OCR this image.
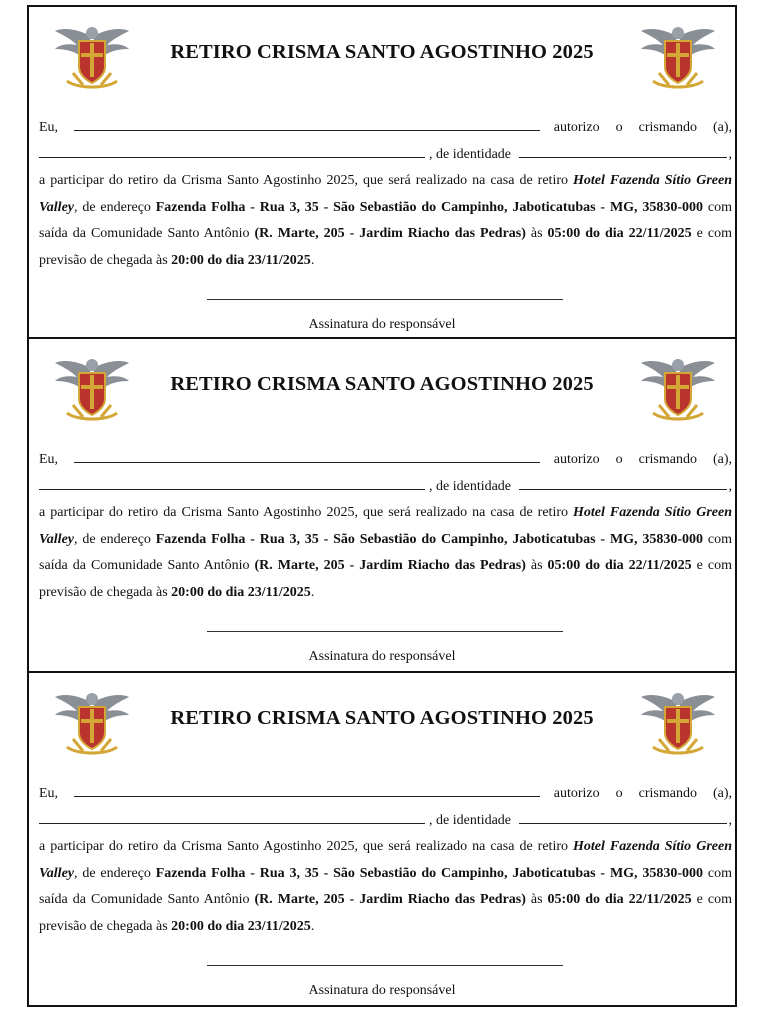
RETIRO CRISMA SANTO AGOSTINHO 2025
Eu,	autorizo o crismando (a),
, de identidade	,
a participar do retiro da Crisma Santo Agostinho 2025, que será realizado na casa de retiro Hotel Fazenda Sítio Green Valley, de endereço Fazenda Folha - Rua 3, 35 - São Sebastião do Campinho, Jaboticatubas - MG, 35830-000 com saída da Comunidade Santo Antônio (R. Marte, 205 - Jardim Riacho das Pedras) às 05:00 do dia 22/11/2025 e com previsão de chegada às 20:00 do dia 23/11/2025.
Assinatura do responsável
RETIRO CRISMA SANTO AGOSTINHO 2025
Eu,	autorizo o crismando (a),
, de identidade	,
a participar do retiro da Crisma Santo Agostinho 2025, que será realizado na casa de retiro Hotel Fazenda Sítio Green Valley, de endereço Fazenda Folha - Rua 3, 35 - São Sebastião do Campinho, Jaboticatubas - MG, 35830-000 com saída da Comunidade Santo Antônio (R. Marte, 205 - Jardim Riacho das Pedras) às 05:00 do dia 22/11/2025 e com previsão de chegada às 20:00 do dia 23/11/2025.
Assinatura do responsável
RETIRO CRISMA SANTO AGOSTINHO 2025
Eu,	autorizo o crismando (a),
, de identidade	,
a participar do retiro da Crisma Santo Agostinho 2025, que será realizado na casa de retiro Hotel Fazenda Sítio Green Valley, de endereço Fazenda Folha - Rua 3, 35 - São Sebastião do Campinho, Jaboticatubas - MG, 35830-000 com saída da Comunidade Santo Antônio (R. Marte, 205 - Jardim Riacho das Pedras) às 05:00 do dia 22/11/2025 e com previsão de chegada às 20:00 do dia 23/11/2025.
Assinatura do responsável
